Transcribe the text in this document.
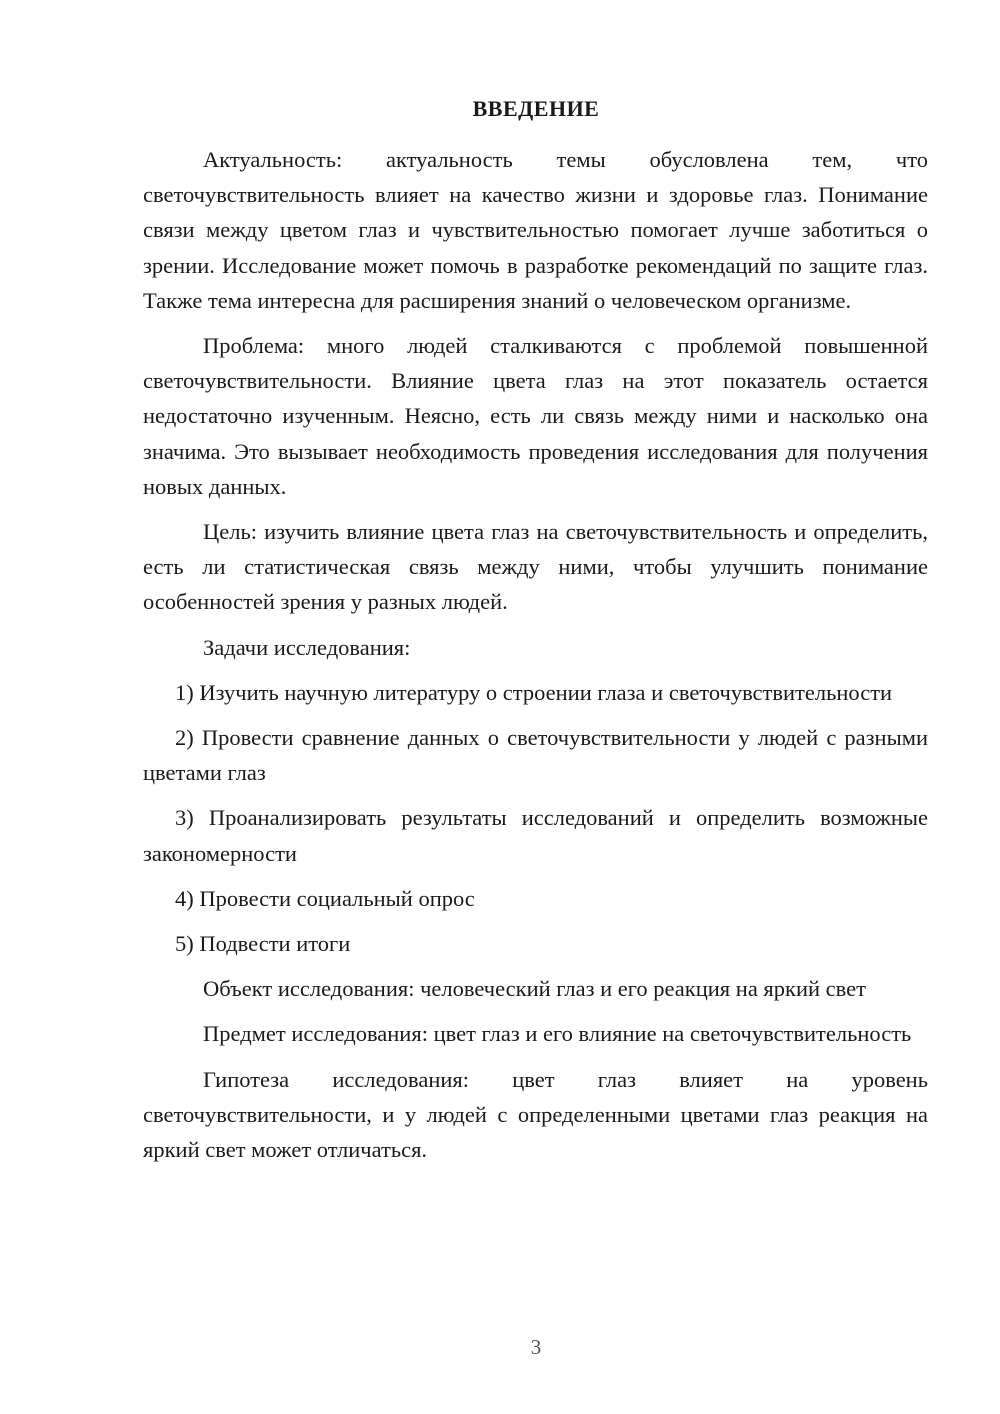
ВВЕДЕНИЕ

Актуальность: актуальность темы обусловлена тем, что светочувствительность влияет на качество жизни и здоровье глаз. Понимание связи между цветом глаз и чувствительностью помогает лучше заботиться о зрении. Исследование может помочь в разработке рекомендаций по защите глаз. Также тема интересна для расширения знаний о человеческом организме.

Проблема: много людей сталкиваются с проблемой повышенной светочувствительности. Влияние цвета глаз на этот показатель остается недостаточно изученным. Неясно, есть ли связь между ними и насколько она значима. Это вызывает необходимость проведения исследования для получения новых данных.

Цель: изучить влияние цвета глаз на светочувствительность и определить, есть ли статистическая связь между ними, чтобы улучшить понимание особенностей зрения у разных людей.

Задачи исследования:

1) Изучить научную литературу о строении глаза и светочувствительности

2) Провести сравнение данных о светочувствительности у людей с разными цветами глаз

3) Проанализировать результаты исследований и определить возможные закономерности

4) Провести социальный опрос

5) Подвести итоги

Объект исследования: человеческий глаз и его реакция на яркий свет

Предмет исследования: цвет глаз и его влияние на светочувствительность

Гипотеза исследования: цвет глаз влияет на уровень светочувствительности, и у людей с определенными цветами глаз реакция на яркий свет может отличаться.

3
